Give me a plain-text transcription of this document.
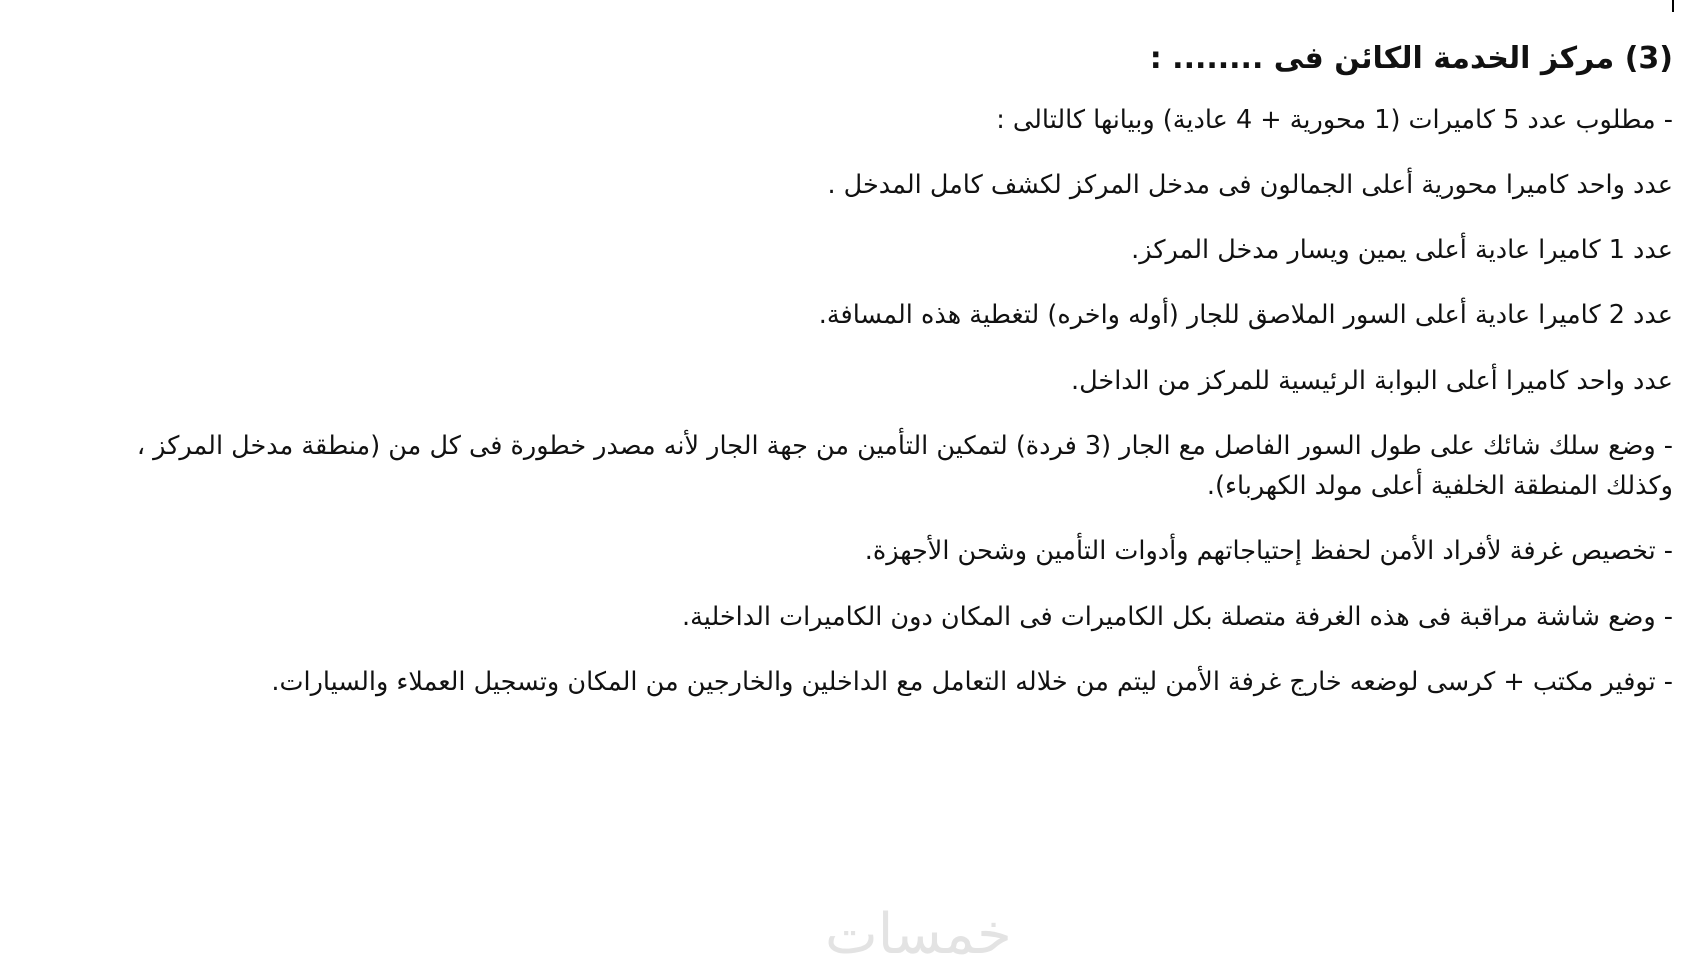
(3) مركز الخدمة الكائن فى ........ :

- مطلوب عدد 5 كاميرات (1 محورية + 4 عادية) وبيانها كالتالى :

عدد واحد كاميرا محورية أعلى الجمالون فى مدخل المركز لكشف كامل المدخل .

عدد 1 كاميرا عادية أعلى يمين ويسار مدخل المركز.

عدد 2 كاميرا عادية أعلى السور الملاصق للجار (أوله واخره) لتغطية هذه المسافة.

عدد واحد كاميرا أعلى البوابة الرئيسية للمركز من الداخل.

- وضع سلك شائك على طول السور الفاصل مع الجار (3 فردة) لتمكين التأمين من جهة الجار لأنه مصدر خطورة فى كل من (منطقة مدخل المركز ، وكذلك المنطقة الخلفية أعلى مولد الكهرباء).

- تخصيص غرفة لأفراد الأمن لحفظ إحتياجاتهم وأدوات التأمين وشحن الأجهزة.

- وضع شاشة مراقبة فى هذه الغرفة متصلة بكل الكاميرات فى المكان دون الكاميرات الداخلية.

- توفير مكتب + كرسى لوضعه خارج غرفة الأمن ليتم من خلاله التعامل مع الداخلين والخارجين من المكان وتسجيل العملاء والسيارات.

خمسات
